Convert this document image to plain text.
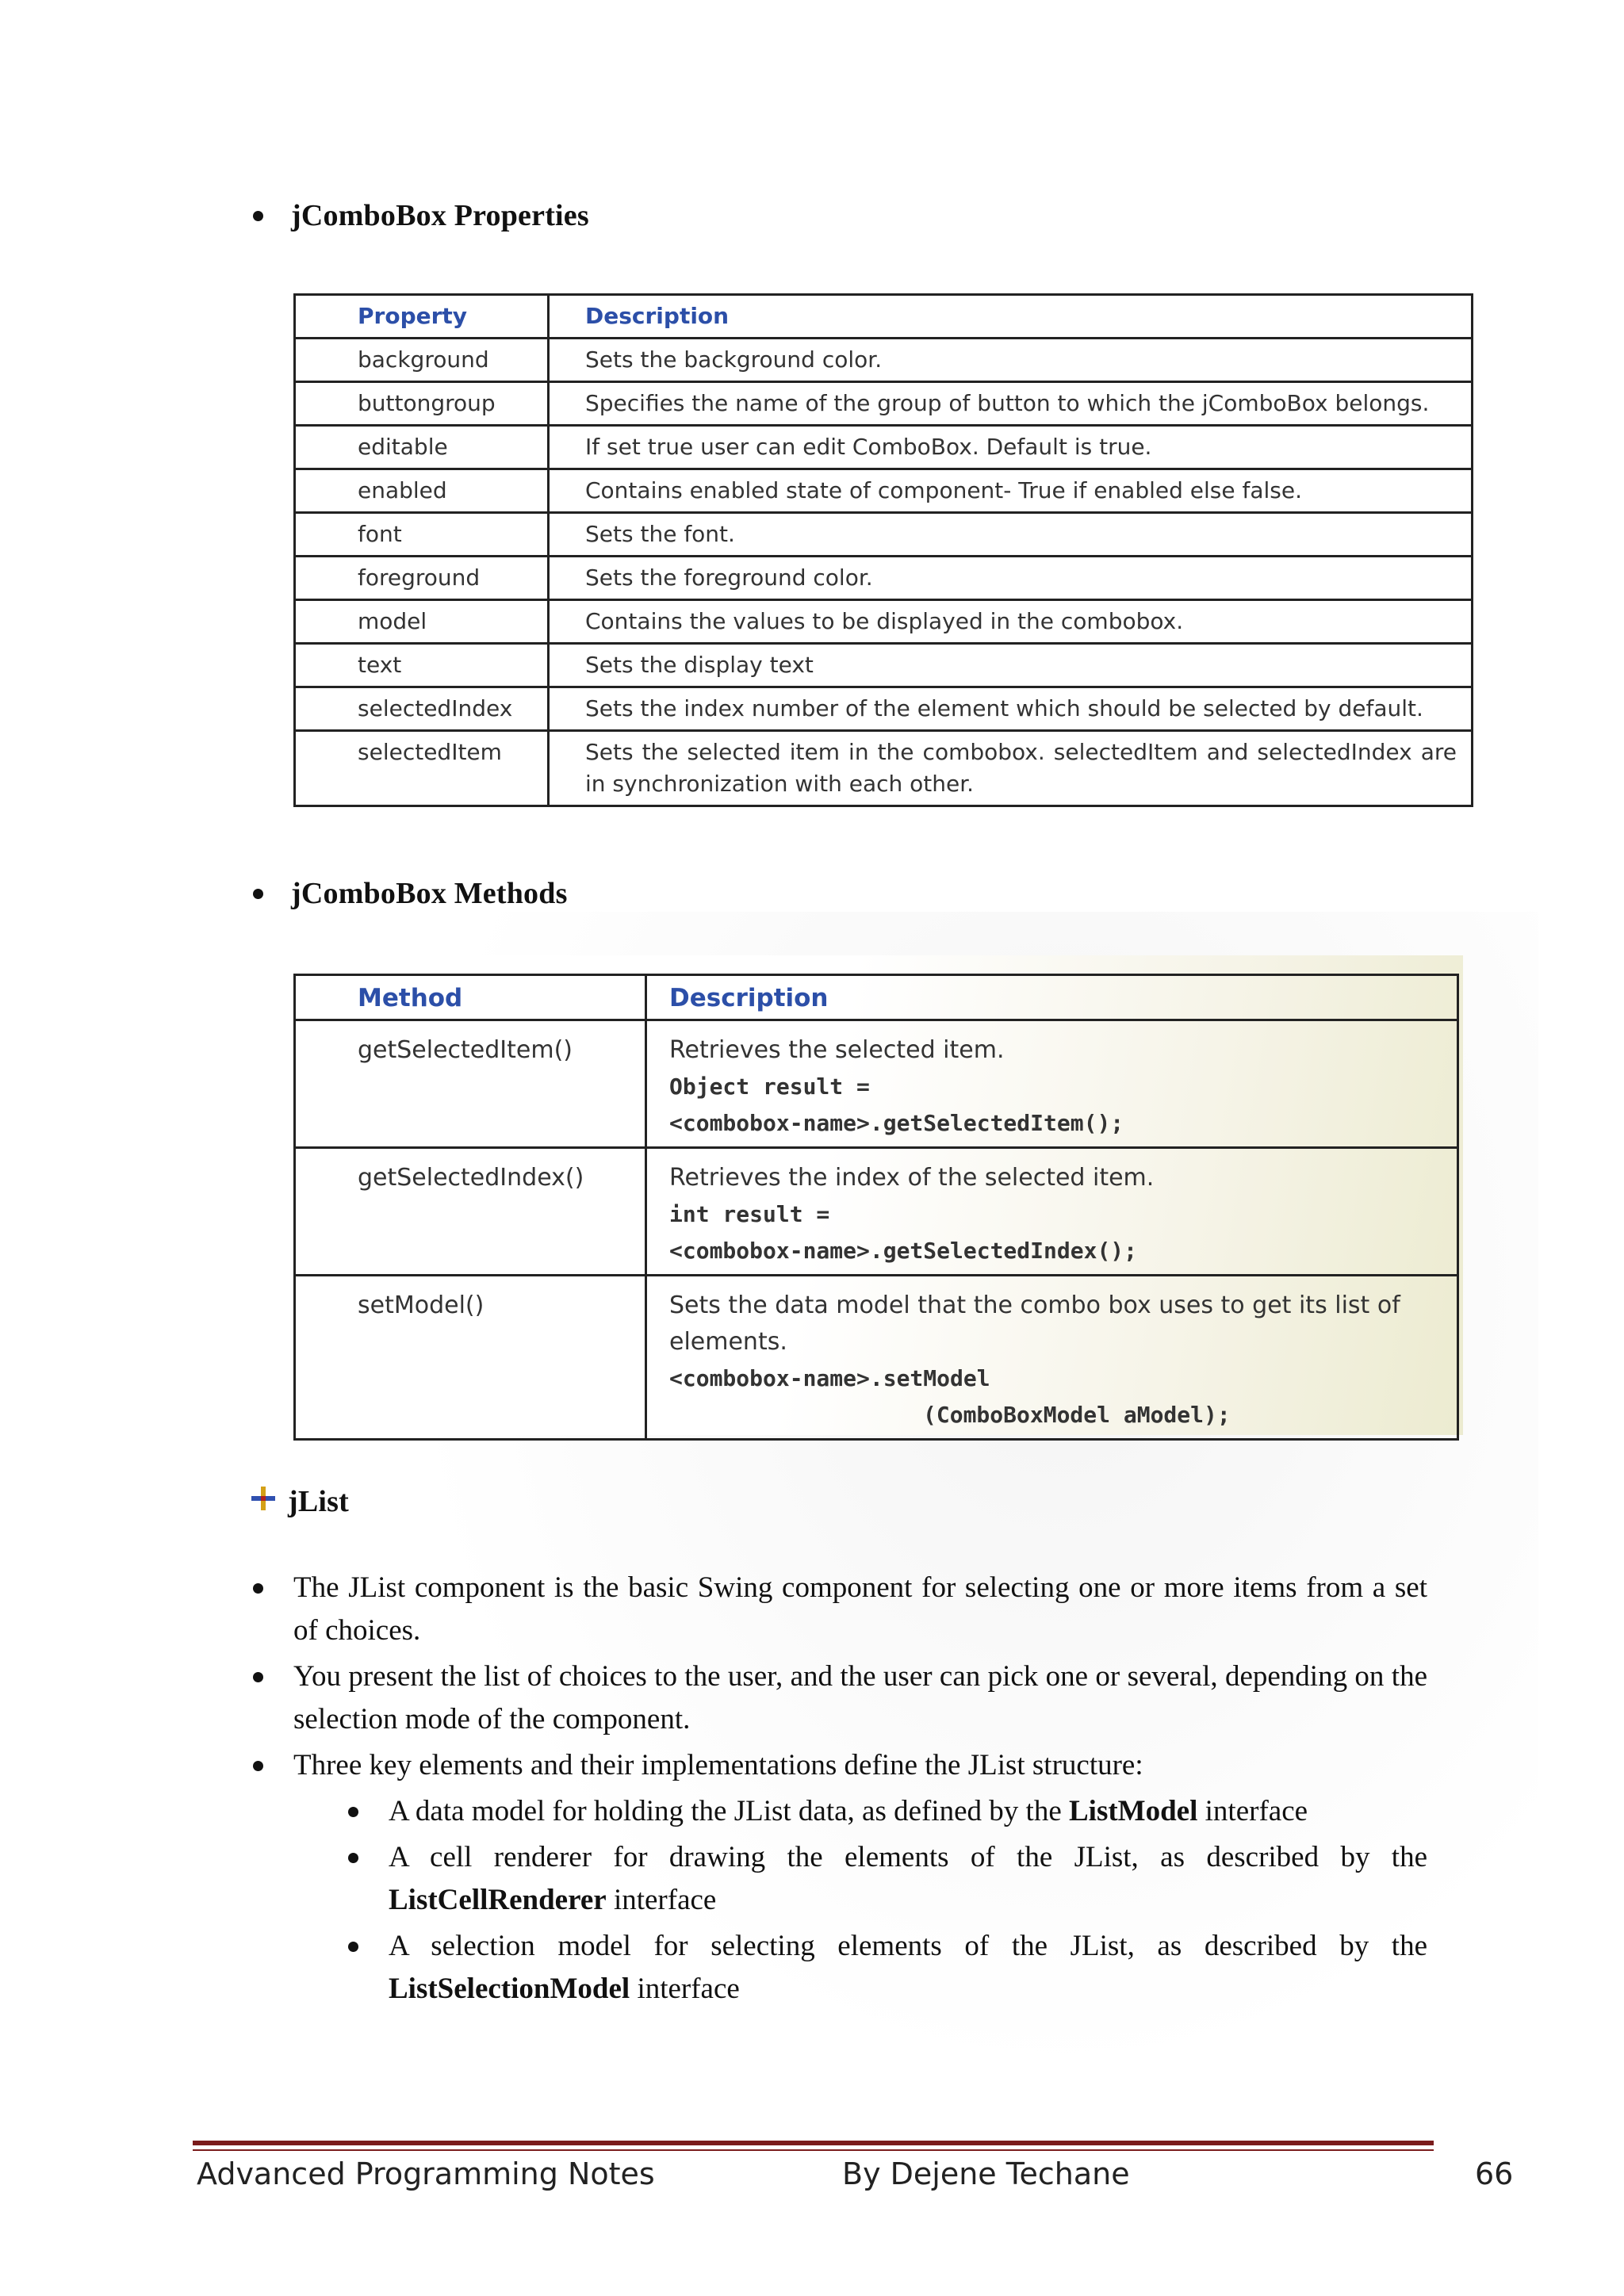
jComboBox Properties
Property	Description
background	Sets the background color.
buttongroup	Specifies the name of the group of button to which the jComboBox belongs.
editable	If set true user can edit ComboBox. Default is true.
enabled	Contains enabled state of component- True if enabled else false.
font	Sets the font.
foreground	Sets the foreground color.
model	Contains the values to be displayed in the combobox.
text	Sets the display text
selectedIndex	Sets the index number of the element which should be selected by default.
selectedItem	Sets the selected item in the combobox. selectedItem and selectedIndex are in synchronization with each other.
jComboBox Methods
Method	Description
getSelectedItem()	Retrieves the selected item.
Object result =
<combobox-name>.getSelectedItem();

getSelectedIndex()	Retrieves the index of the selected item.
int result =
<combobox-name>.getSelectedIndex();

setModel()	Sets the data model that the combo box uses to get its list of elements.
<combobox-name>.setModel
(ComboBoxModel aModel);
jList
The JList component is the basic Swing component for selecting one or more items from a set of choices.
You present the list of choices to the user, and the user can pick one or several, depending on the selection mode of the component.
Three key elements and their implementations define the JList structure:
A data model for holding the JList data, as defined by the ListModel interface
A cell renderer for drawing the elements of the JList, as described by the ListCellRenderer interface
A selection model for selecting elements of the JList, as described by the ListSelectionModel interface
Advanced Programming Notes	By Dejene Techane	66
